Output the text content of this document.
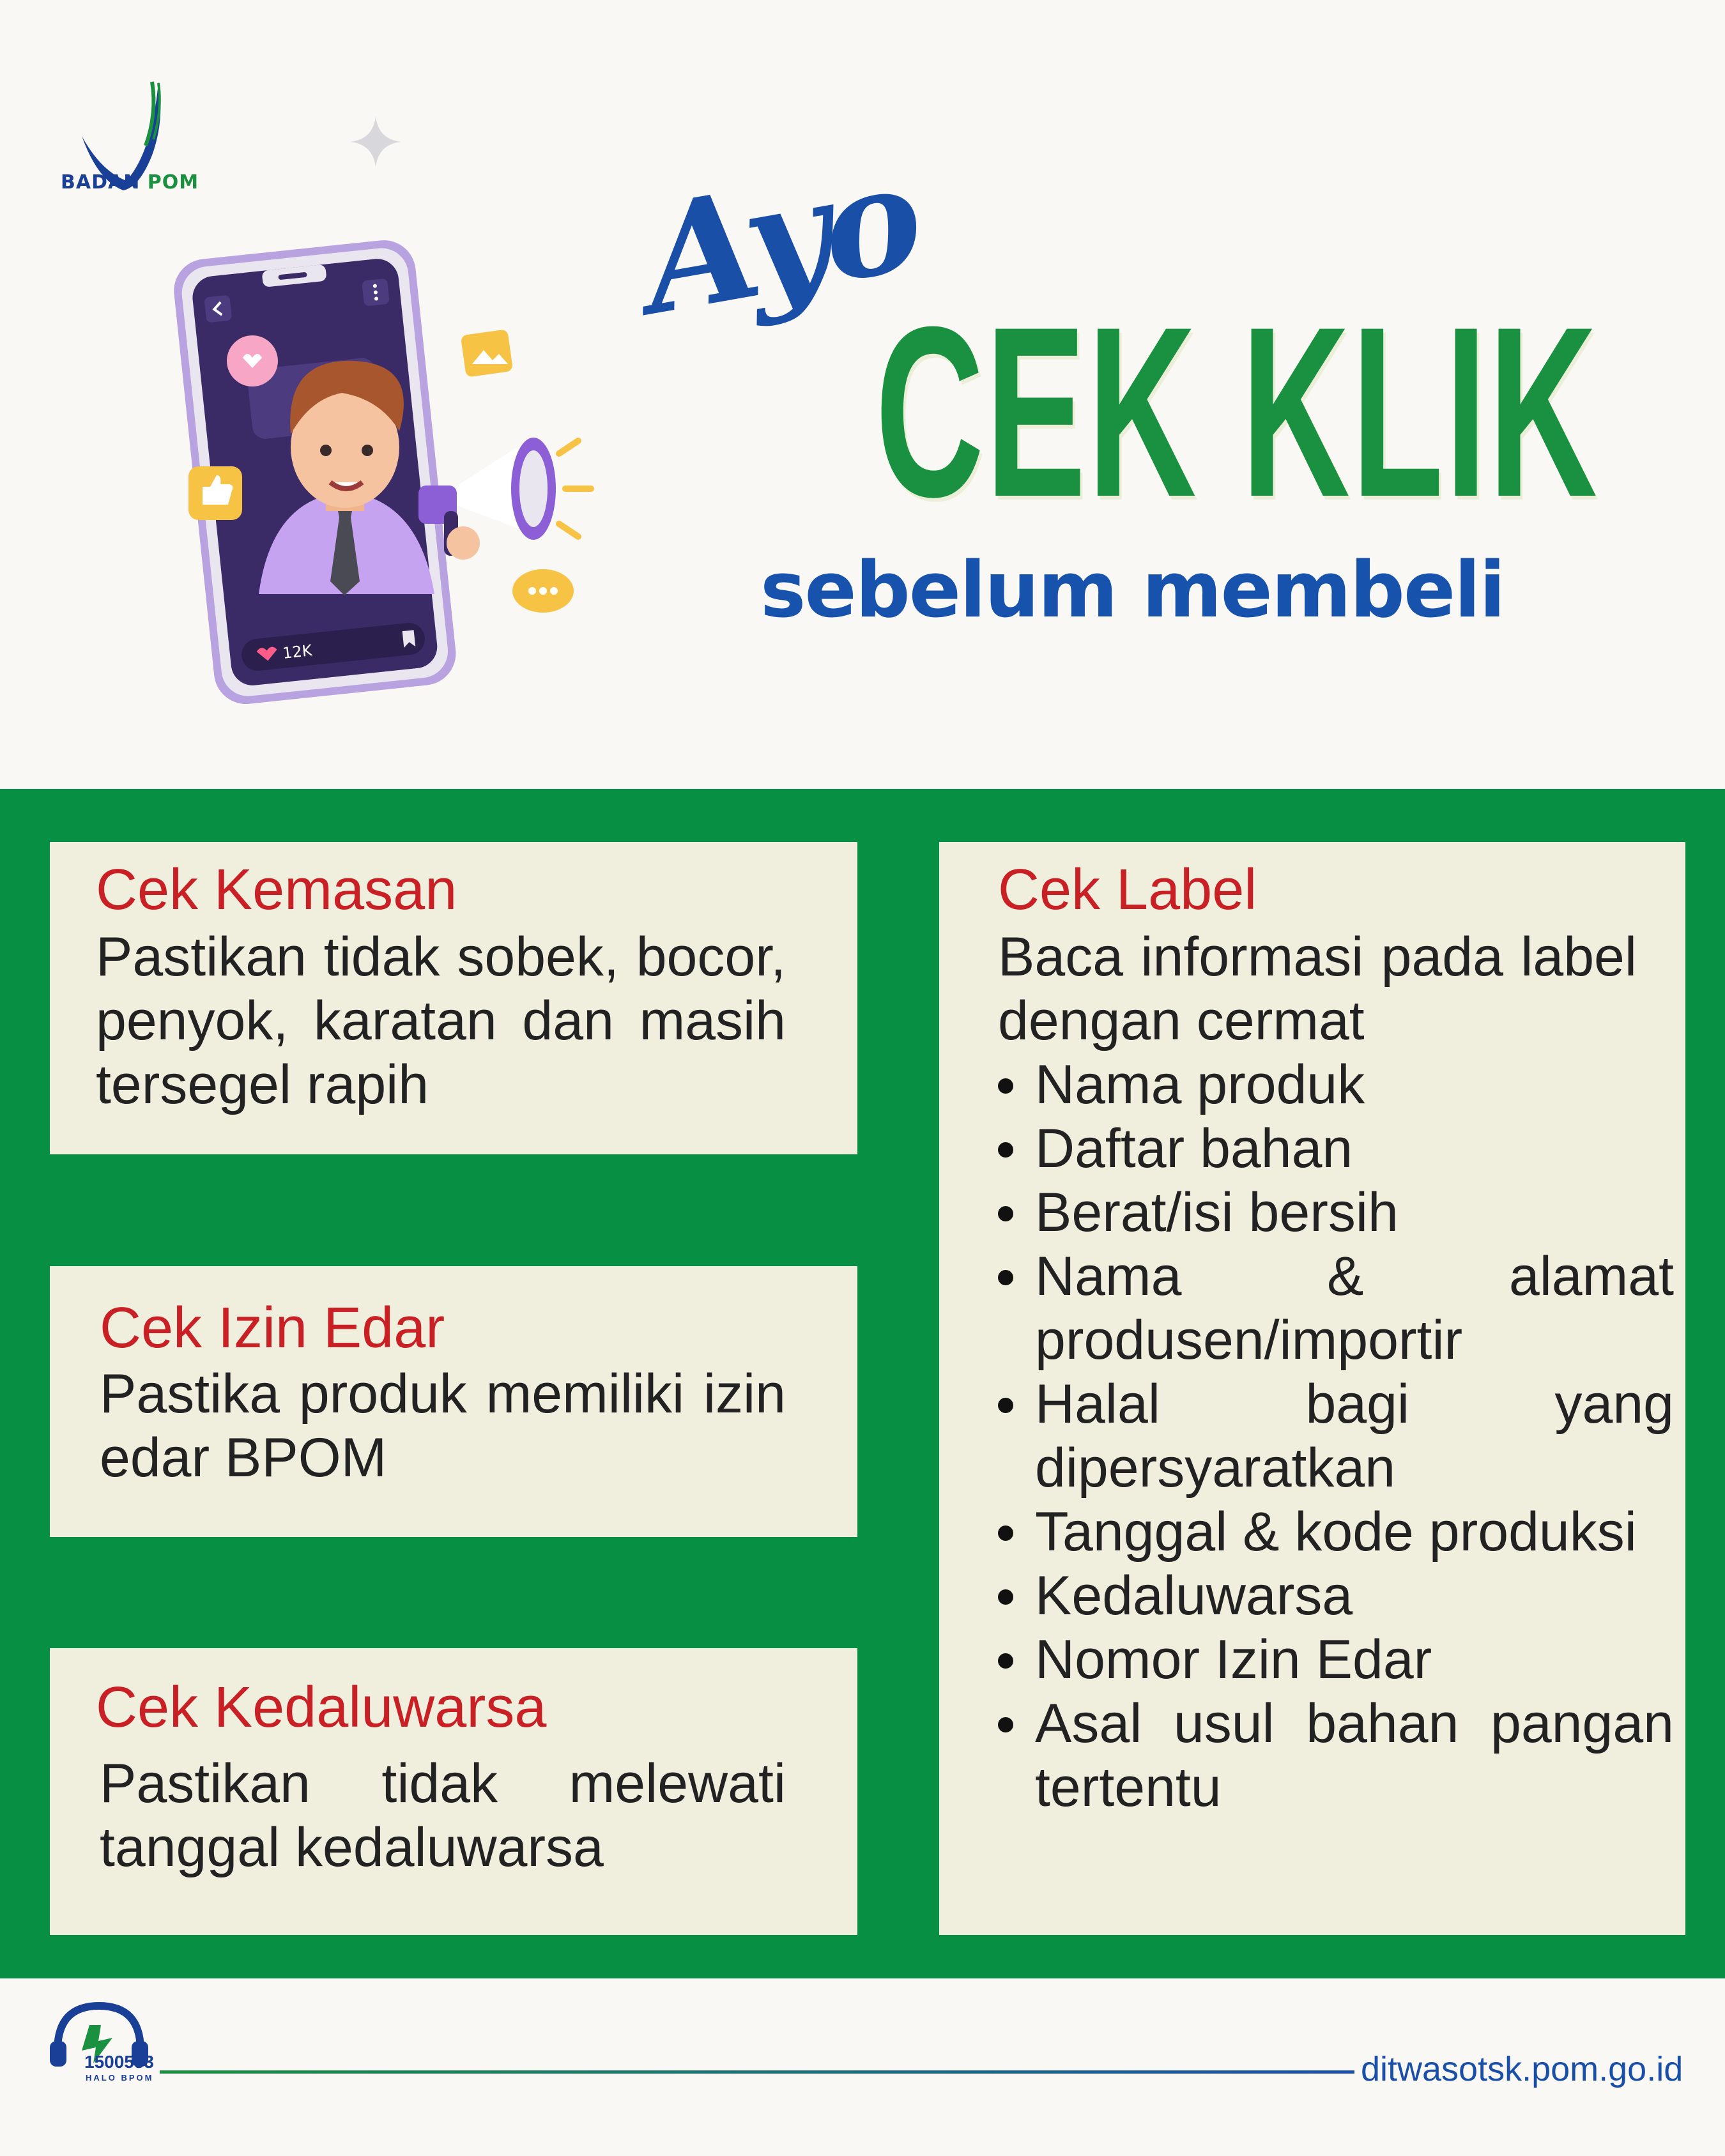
BADAN POM
12K
Ayo
CEK KLIK
sebelum membeli
Cek Kemasan
Pastikan tidak sobek, bocor, penyok, karatan dan masih tersegel rapih
Cek Izin Edar
Pastika produk memiliki izin edar BPOM
Cek Kedaluwarsa
Pastikan tidak melewati tanggal kedaluwarsa
Cek Label
Baca informasi pada label dengan cermat
Nama produk
Daftar bahan
Berat/isi bersih
Nama & alamat produsen/importir
Halal bagi yang dipersyaratkan
Tanggal & kode produksi
Kedaluwarsa
Nomor Izin Edar
Asal usul bahan pangan tertentu
1500533
HALO BPOM	ditwasotsk.pom.go.id
